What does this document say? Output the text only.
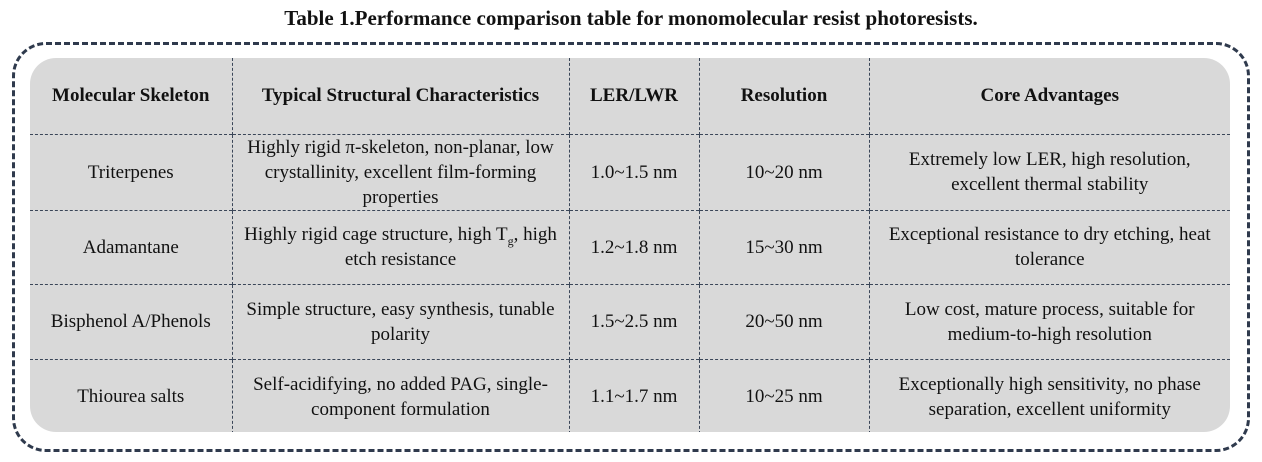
Table 1.Performance comparison table for monomolecular resist photoresists.
Molecular Skeleton	Typical Structural Characteristics	LER/LWR	Resolution	Core Advantages
Triterpenes	Highly rigid π-skeleton, non-planar, low crystallinity, excellent film-forming properties	1.0~1.5 nm	10~20 nm	Extremely low LER, high resolution, excellent thermal stability
Adamantane	Highly rigid cage structure, high $T_g$, high etch resistance	1.2~1.8 nm	15~30 nm	Exceptional resistance to dry etching, heat tolerance
Bisphenol A/Phenols	Simple structure, easy synthesis, tunable polarity	1.5~2.5 nm	20~50 nm	Low cost, mature process, suitable for medium-to-high resolution
Thiourea salts	Self-acidifying, no added PAG, single-component formulation	1.1~1.7 nm	10~25 nm	Exceptionally high sensitivity, no phase separation, excellent uniformity
